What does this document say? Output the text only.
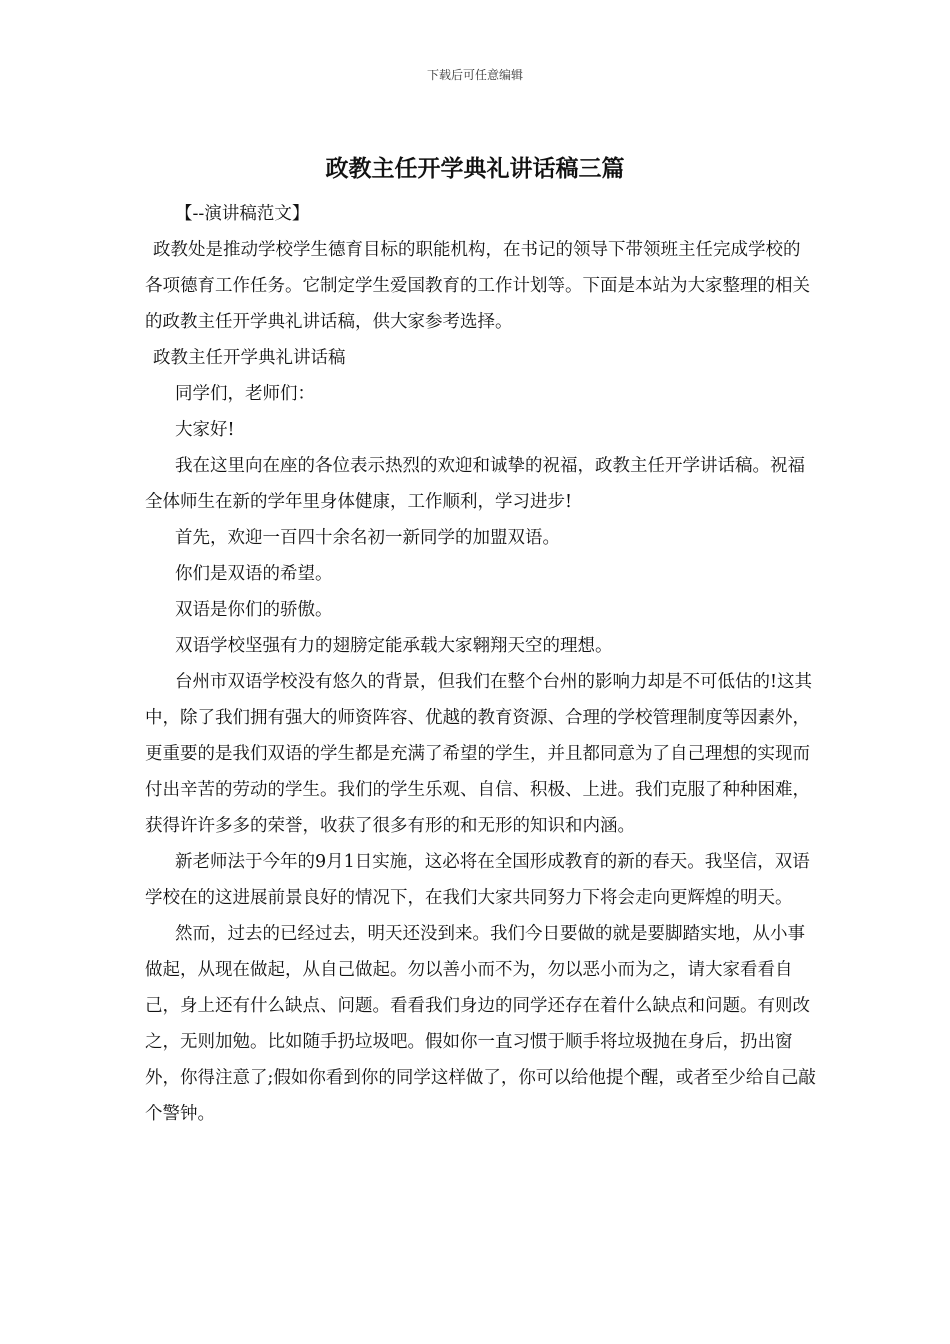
下载后可任意编辑
政教主任开学典礼讲话稿三篇

【--演讲稿范文】

政教处是推动学校学生德育目标的职能机构，在书记的领导下带领班主任完成学校的各项德育工作任务。它制定学生爱国教育的工作计划等。下面是本站为大家整理的相关的政教主任开学典礼讲话稿，供大家参考选择。

政教主任开学典礼讲话稿

同学们，老师们：

大家好!

我在这里向在座的各位表示热烈的欢迎和诚挚的祝福，政教主任开学讲话稿。祝福全体师生在新的学年里身体健康，工作顺利，学习进步!

首先，欢迎一百四十余名初一新同学的加盟双语。

你们是双语的希望。

双语是你们的骄傲。

双语学校坚强有力的翅膀定能承载大家翱翔天空的理想。

台州市双语学校没有悠久的背景，但我们在整个台州的影响力却是不可低估的!这其中，除了我们拥有强大的师资阵容、优越的教育资源、合理的学校管理制度等因素外，更重要的是我们双语的学生都是充满了希望的学生，并且都同意为了自己理想的实现而付出辛苦的劳动的学生。我们的学生乐观、自信、积极、上进。我们克服了种种困难，获得许许多多的荣誉，收获了很多有形的和无形的知识和内涵。

新老师法于今年的9月1日实施，这必将在全国形成教育的新的春天。我坚信，双语学校在的这进展前景良好的情况下，在我们大家共同努力下将会走向更辉煌的明天。

然而，过去的已经过去，明天还没到来。我们今日要做的就是要脚踏实地，从小事做起，从现在做起，从自己做起。勿以善小而不为，勿以恶小而为之，请大家看看自己，身上还有什么缺点、问题。看看我们身边的同学还存在着什么缺点和问题。有则改之，无则加勉。比如随手扔垃圾吧。假如你一直习惯于顺手将垃圾抛在身后，扔出窗外，你得注意了;假如你看到你的同学这样做了，你可以给他提个醒，或者至少给自己敲个警钟。
